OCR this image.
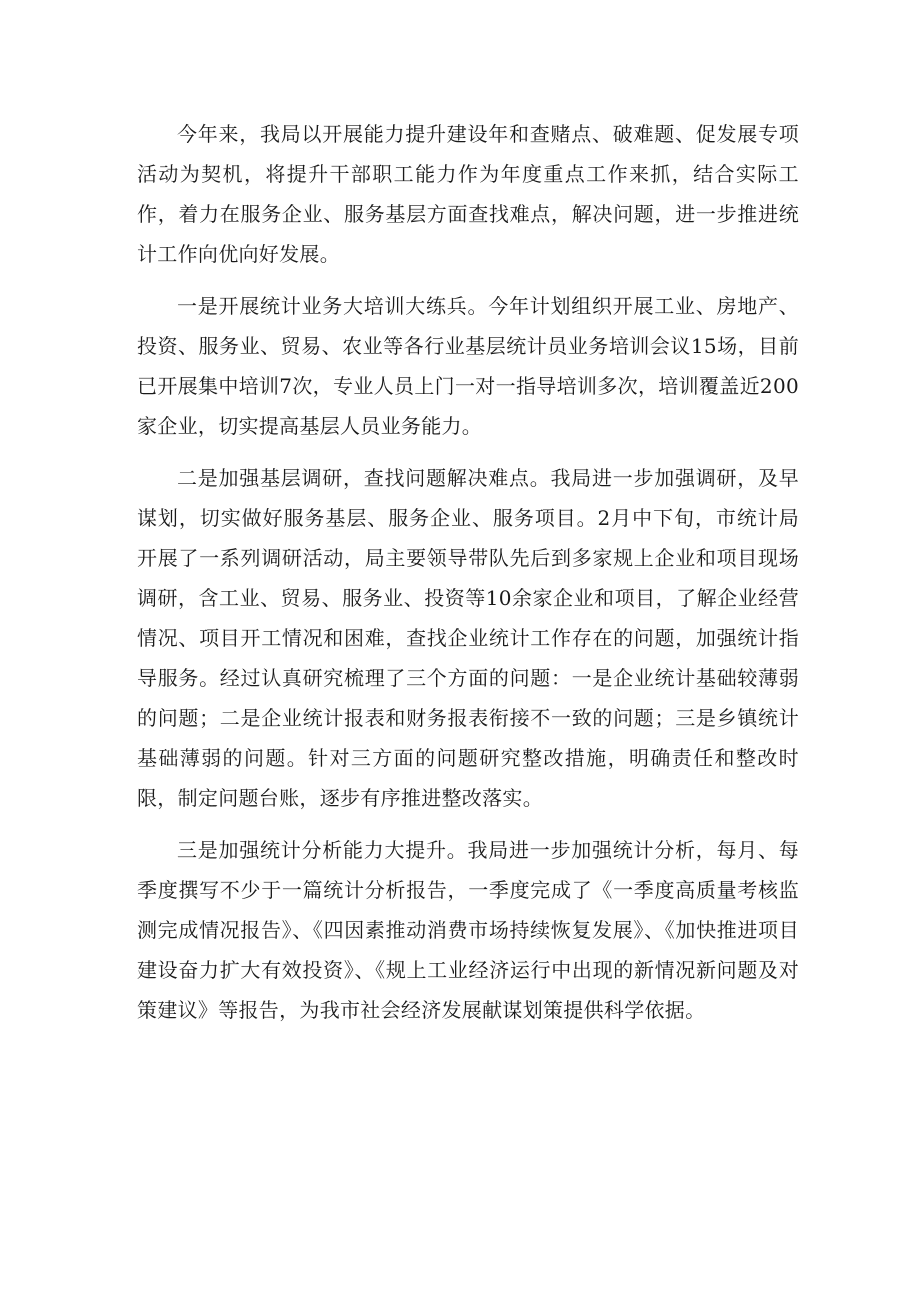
今年来，我局以开展能力提升建设年和查赌点、破难题、促发展专项活动为契机，将提升干部职工能力作为年度重点工作来抓，结合实际工作，着力在服务企业、服务基层方面查找难点，解决问题，进一步推进统计工作向优向好发展。

一是开展统计业务大培训大练兵。今年计划组织开展工业、房地产、投资、服务业、贸易、农业等各行业基层统计员业务培训会议15场，目前已开展集中培训7次，专业人员上门一对一指导培训多次，培训覆盖近200家企业，切实提高基层人员业务能力。

二是加强基层调研，查找问题解决难点。我局进一步加强调研，及早谋划，切实做好服务基层、服务企业、服务项目。2月中下旬，市统计局开展了一系列调研活动，局主要领导带队先后到多家规上企业和项目现场调研，含工业、贸易、服务业、投资等10余家企业和项目，了解企业经营情况、项目开工情况和困难，查找企业统计工作存在的问题，加强统计指导服务。经过认真研究梳理了三个方面的问题：一是企业统计基础较薄弱的问题；二是企业统计报表和财务报表衔接不一致的问题；三是乡镇统计基础薄弱的问题。针对三方面的问题研究整改措施，明确责任和整改时限，制定问题台账，逐步有序推进整改落实。

三是加强统计分析能力大提升。我局进一步加强统计分析，每月、每季度撰写不少于一篇统计分析报告，一季度完成了《一季度高质量考核监测完成情况报告》、《四因素推动消费市场持续恢复发展》、《加快推进项目建设奋力扩大有效投资》、《规上工业经济运行中出现的新情况新问题及对策建议》等报告，为我市社会经济发展献谋划策提供科学依据。
